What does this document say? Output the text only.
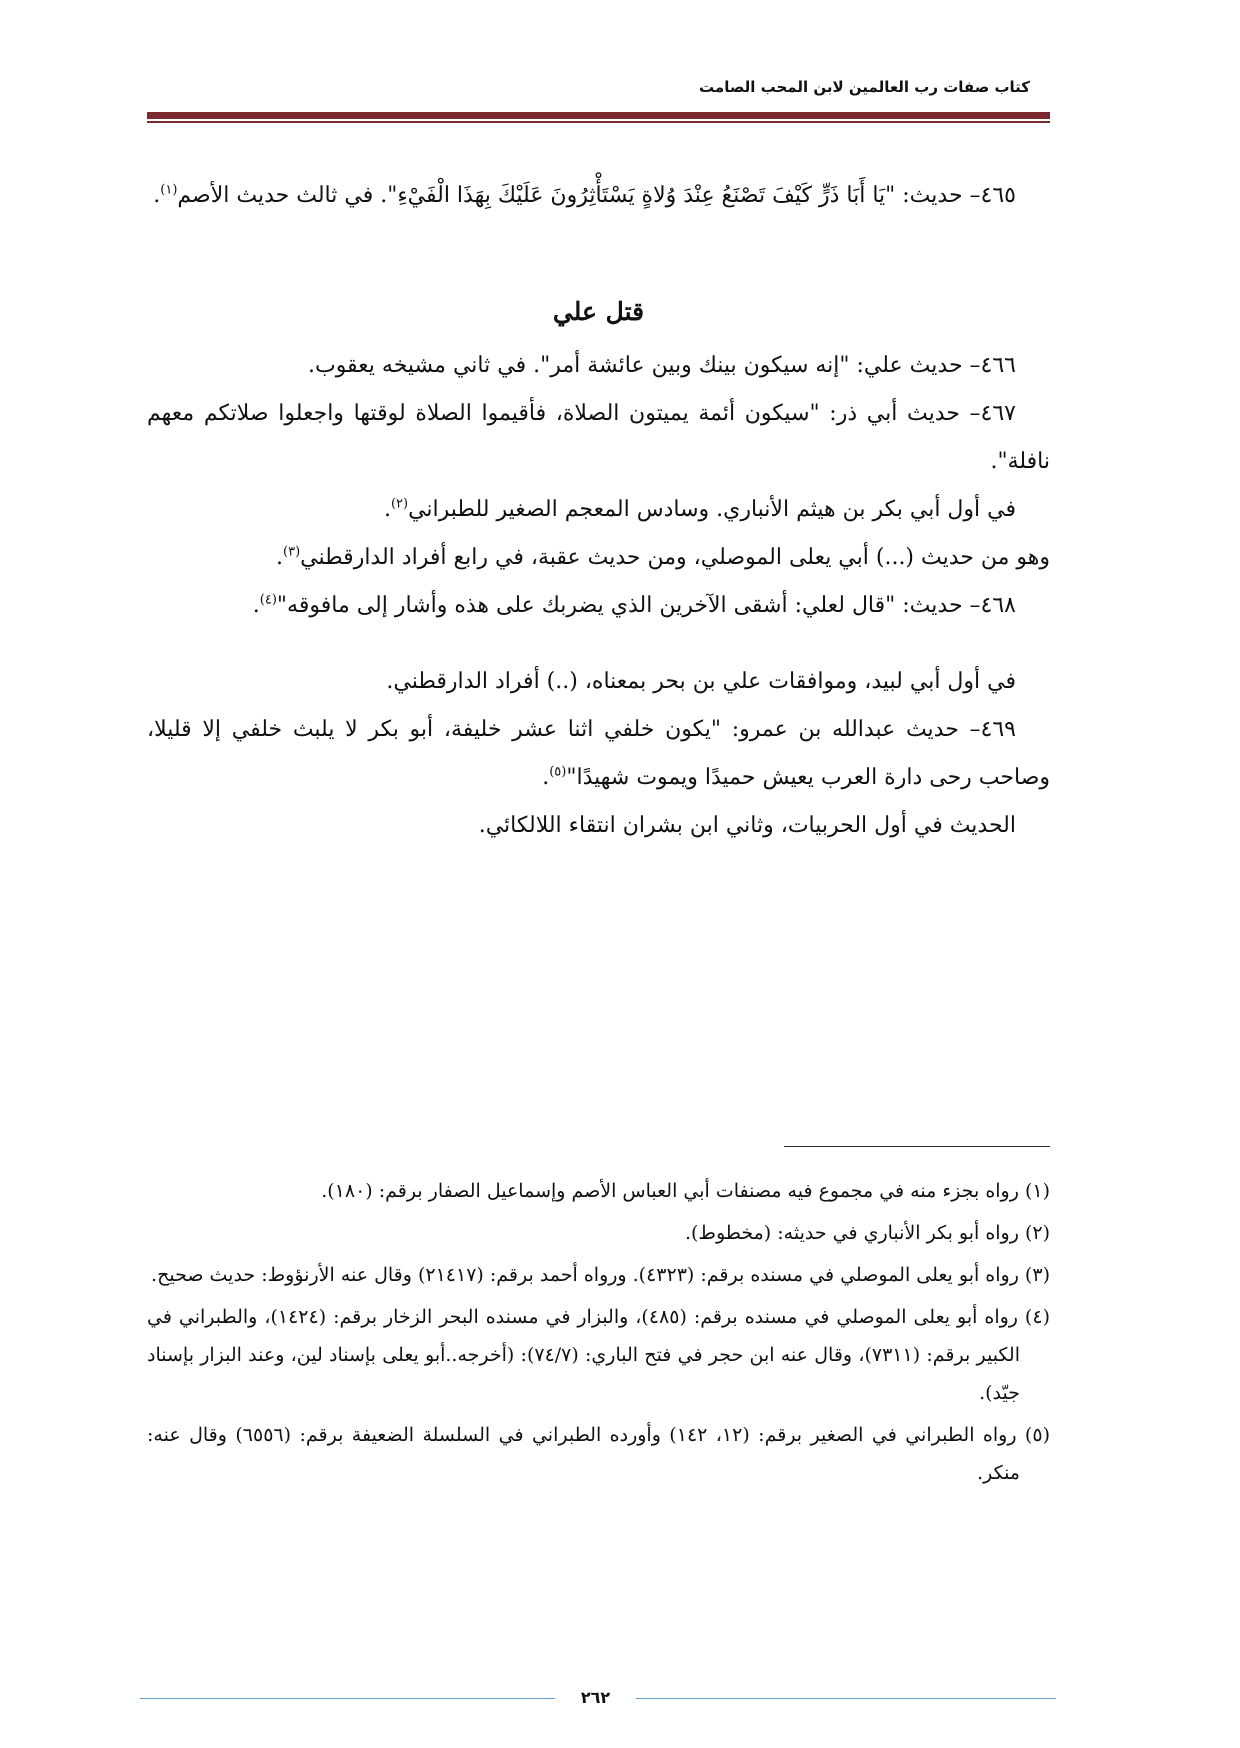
كتاب صفات رب العالمين لابن المحب الصامت

٤٦٥– حديث: "يَا أَبَا ذَرٍّ كَيْفَ تَصْنَعُ عِنْدَ وُلاةٍ يَسْتَأْثِرُونَ عَلَيْكَ بِهَذَا الْفَيْءِ". في ثالث حديث الأصم$^{(١)}$.

قتل علي

٤٦٦– حديث علي: "إنه سيكون بينك وبين عائشة أمر". في ثاني مشيخه يعقوب.

٤٦٧– حديث أبي ذر: "سيكون أئمة يميتون الصلاة، فأقيموا الصلاة لوقتها واجعلوا صلاتكم معهم نافلة".

في أول أبي بكر بن هيثم الأنباري. وسادس المعجم الصغير للطبراني$^{(٢)}$.

وهو من حديث (...) أبي يعلى الموصلي، ومن حديث عقبة، في رابع أفراد الدارقطني$^{(٣)}$.

٤٦٨– حديث: "قال لعلي: أشقى الآخرين الذي يضربك على هذه وأشار إلى مافوقه"$^{(٤)}$.

في أول أبي لبيد، وموافقات علي بن بحر بمعناه، (..) أفراد الدارقطني.

٤٦٩– حديث عبدالله بن عمرو: "يكون خلفي اثنا عشر خليفة، أبو بكر لا يلبث خلفي إلا قليلا، وصاحب رحى دارة العرب يعيش حميدًا ويموت شهيدًا"$^{(٥)}$.

الحديث في أول الحربيات، وثاني ابن بشران انتقاء اللالكائي.

(١) رواه بجزء منه في مجموع فيه مصنفات أبي العباس الأصم وإسماعيل الصفار برقم: (١٨٠).

(٢) رواه أبو بكر الأنباري في حديثه: (مخطوط).

(٣) رواه أبو يعلى الموصلي في مسنده برقم: (٤٣٢٣). ورواه أحمد برقم: (٢١٤١٧) وقال عنه الأرنؤوط: حديث صحيح.

(٤) رواه أبو يعلى الموصلي في مسنده برقم: (٤٨٥)، والبزار في مسنده البحر الزخار برقم: (١٤٢٤)، والطبراني في الكبير برقم: (٧٣١١)، وقال عنه ابن حجر في فتح الباري: (٧٤/٧): (أخرجه..أبو يعلى بإسناد لين، وعند البزار بإسناد جيّد).

(٥) رواه الطبراني في الصغير برقم: (١٢، ١٤٢) وأورده الطبراني في السلسلة الضعيفة برقم: (٦٥٥٦) وقال عنه: منكر.

٢٦٢
